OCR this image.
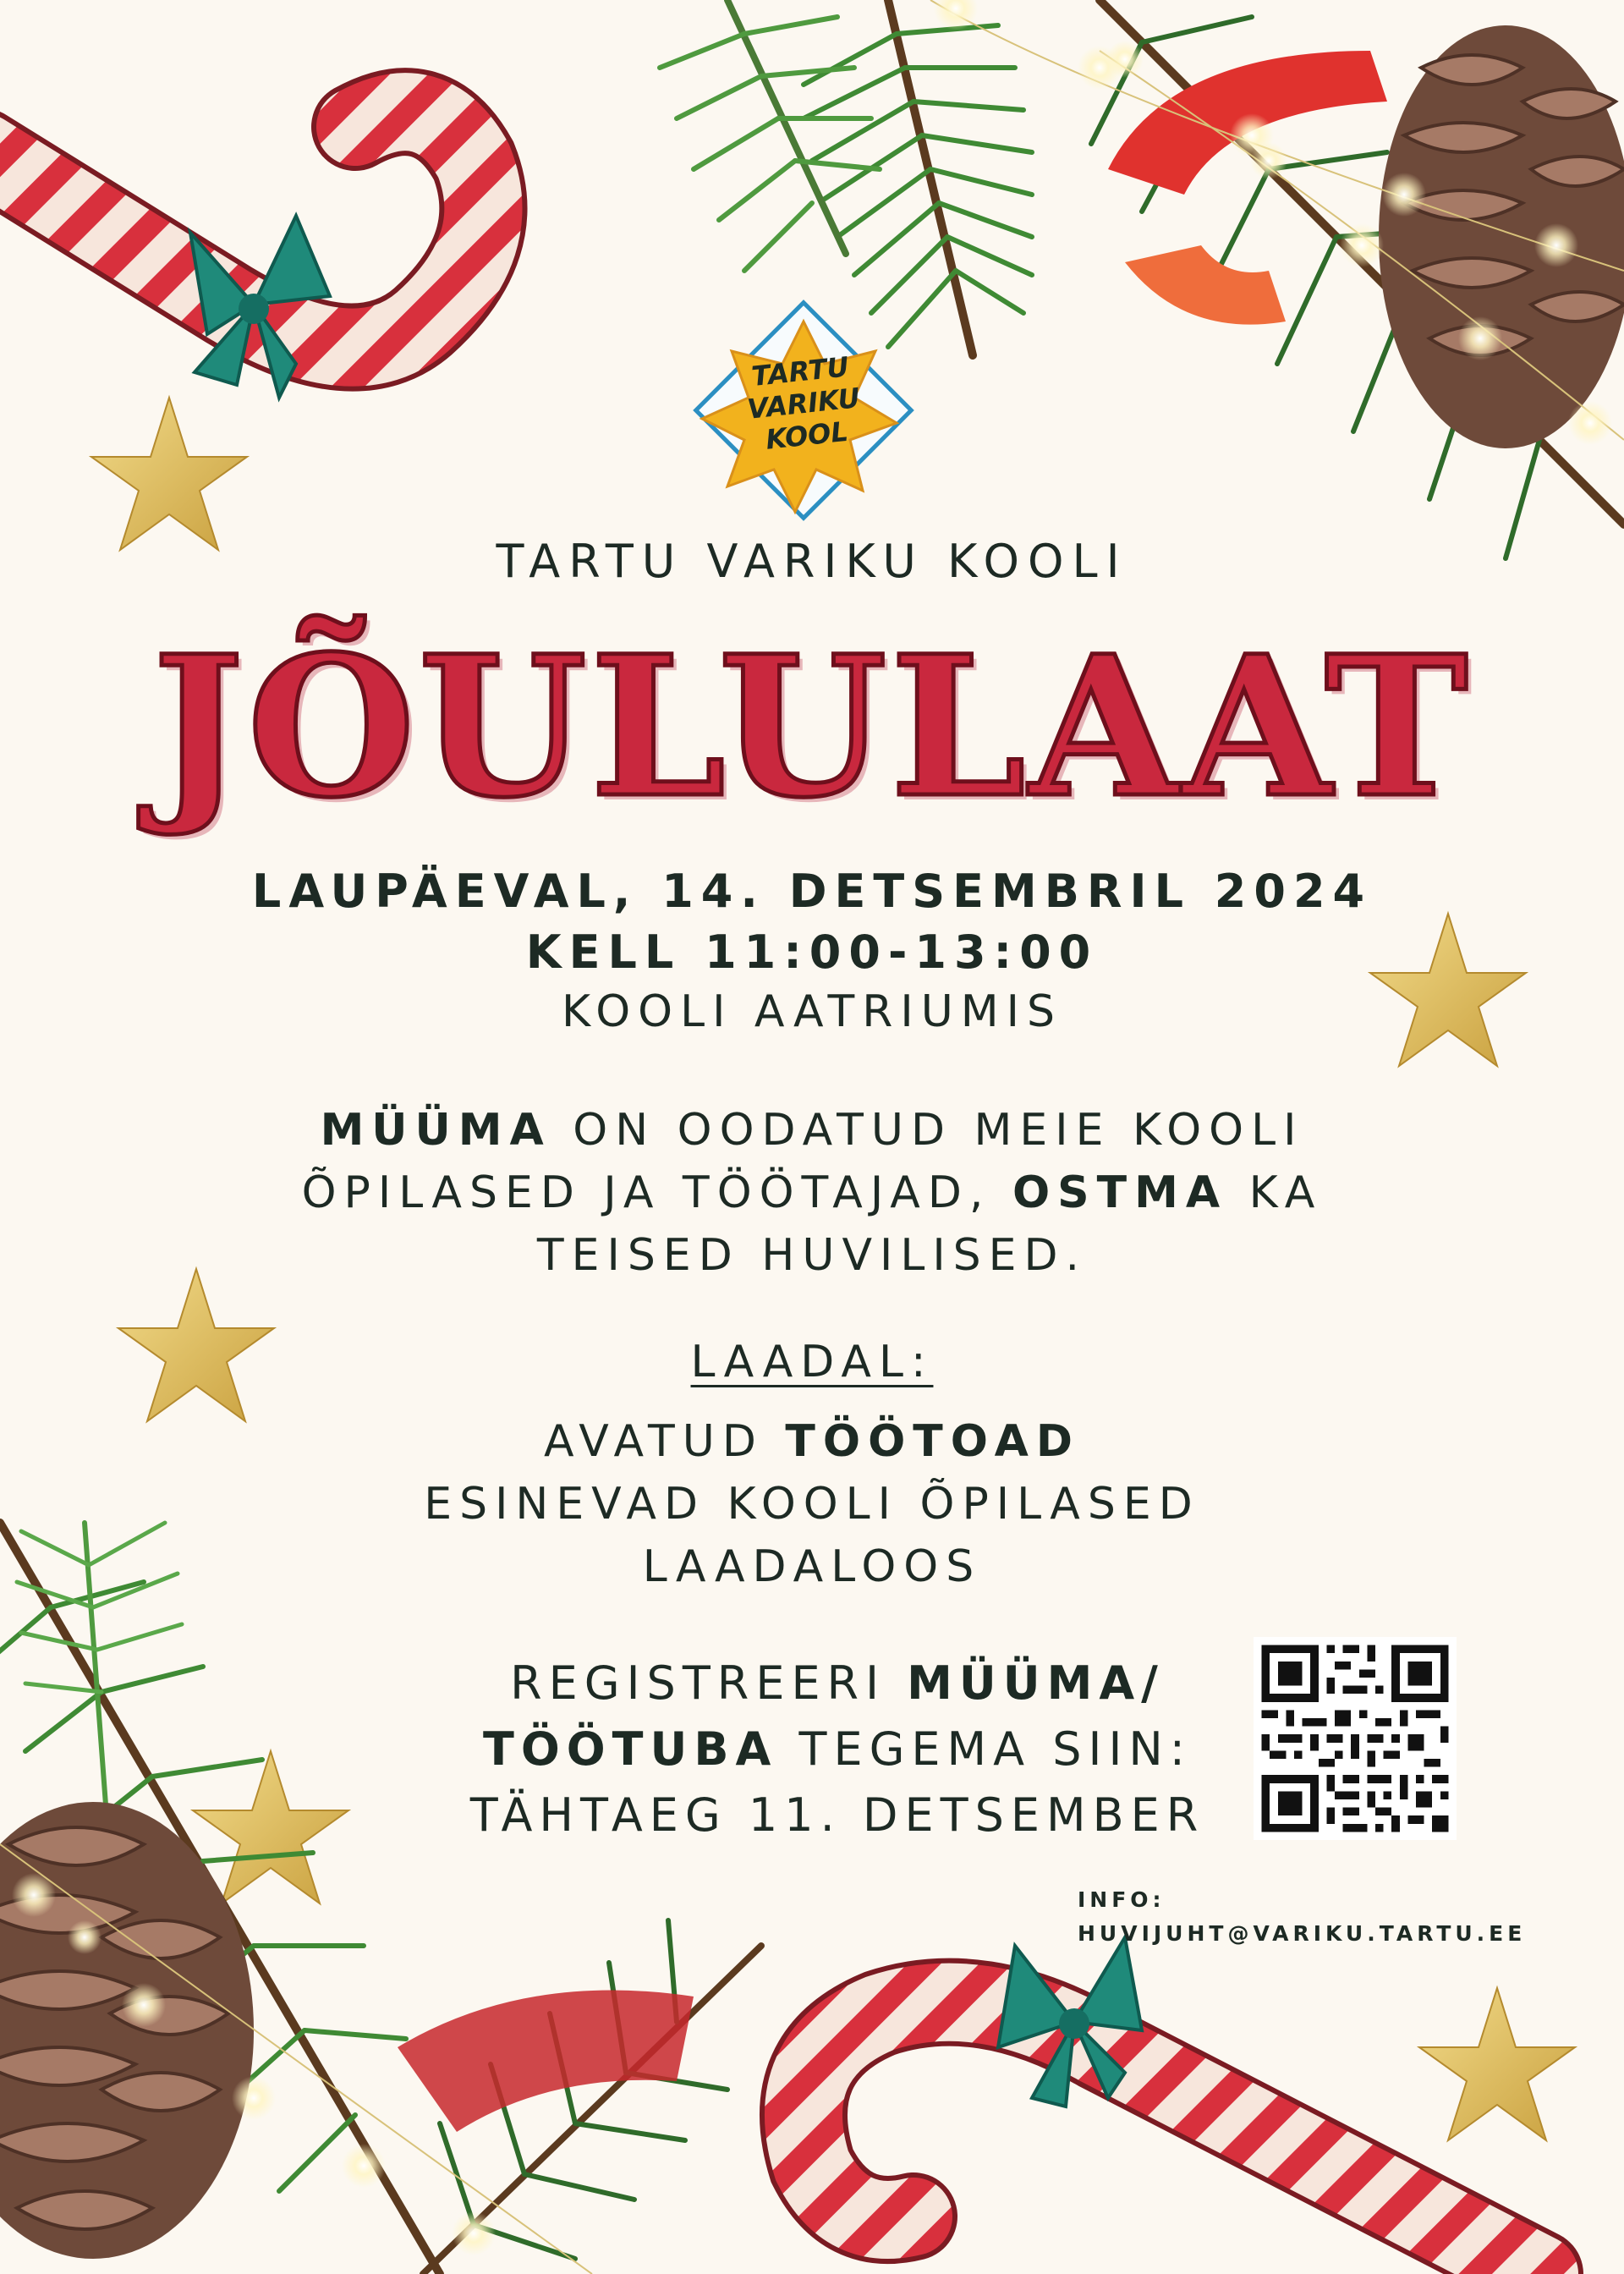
TARTU
VARIKU
KOOL
TARTU VARIKU KOOLI
JÕULULAAT
LAUPÄEVAL, 14. DETSEMBRIL 2024
KELL 11:00-13:00
KOOLI AATRIUMIS
MÜÜMA ON OODATUD MEIE KOOLI
ÕPILASED JA TÖÖTAJAD, OSTMA KA
TEISED HUVILISED.
LAADAL:
AVATUD TÖÖTOAD
ESINEVAD KOOLI ÕPILASED
LAADALOOS
REGISTREERI MÜÜMA/
TÖÖTUBA TEGEMA SIIN:
TÄHTAEG 11. DETSEMBER
INFO:
HUVIJUHT@VARIKU.TARTU.EE
